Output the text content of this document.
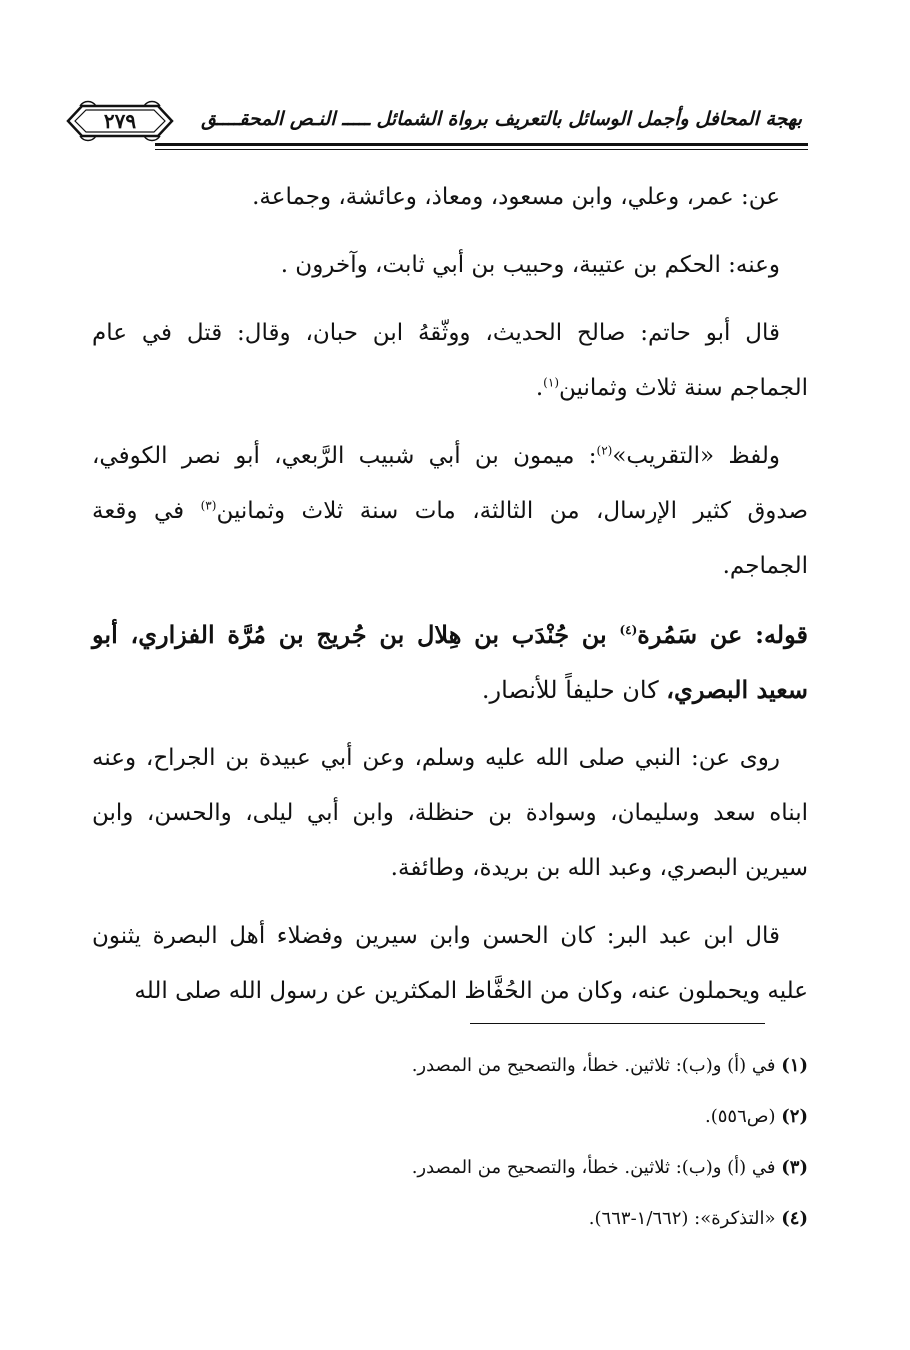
بهجة المحافل وأجمل الوسائل بالتعريف برواة الشمائل ـــــ النـص المحقــــق
٢٧٩

عن: عمر، وعلي، وابن مسعود، ومعاذ، وعائشة، وجماعة.

وعنه: الحكم بن عتيبة، وحبيب بن أبي ثابت، وآخرون .

قال أبو حاتم: صالح الحديث، ووثّقهُ ابن حبان، وقال: قتل في عام الجماجم سنة ثلاث وثمانين$^{(١)}$.

ولفظ «التقريب»$^{(٢)}$: ميمون بن أبي شبيب الرَّبعي، أبو نصر الكوفي، صدوق كثير الإرسال، من الثالثة، مات سنة ثلاث وثمانين$^{(٣)}$ في وقعة الجماجم.

قوله: عن سَمُرة$^{(٤)}$ بن جُنْدَب بن هِلال بن جُريج بن مُرَّة الفزاري، أبو سعيد البصري، كان حليفاً للأنصار.

روى عن: النبي صلى الله عليه وسلم، وعن أبي عبيدة بن الجراح، وعنه ابناه سعد وسليمان، وسوادة بن حنظلة، وابن أبي ليلى، والحسن، وابن سيرين البصري، وعبد الله بن بريدة، وطائفة.

قال ابن عبد البر: كان الحسن وابن سيرين وفضلاء أهل البصرة يثنون عليه ويحملون عنه، وكان من الحُفَّاظ المكثرين عن رسول الله صلى الله

(١) في (أ) و(ب): ثلاثين. خطأ، والتصحيح من المصدر.
(٢) (ص٥٥٦).
(٣) في (أ) و(ب): ثلاثين. خطأ، والتصحيح من المصدر.
(٤) «التذكرة»: (١/٦٦٢-٦٦٣).
